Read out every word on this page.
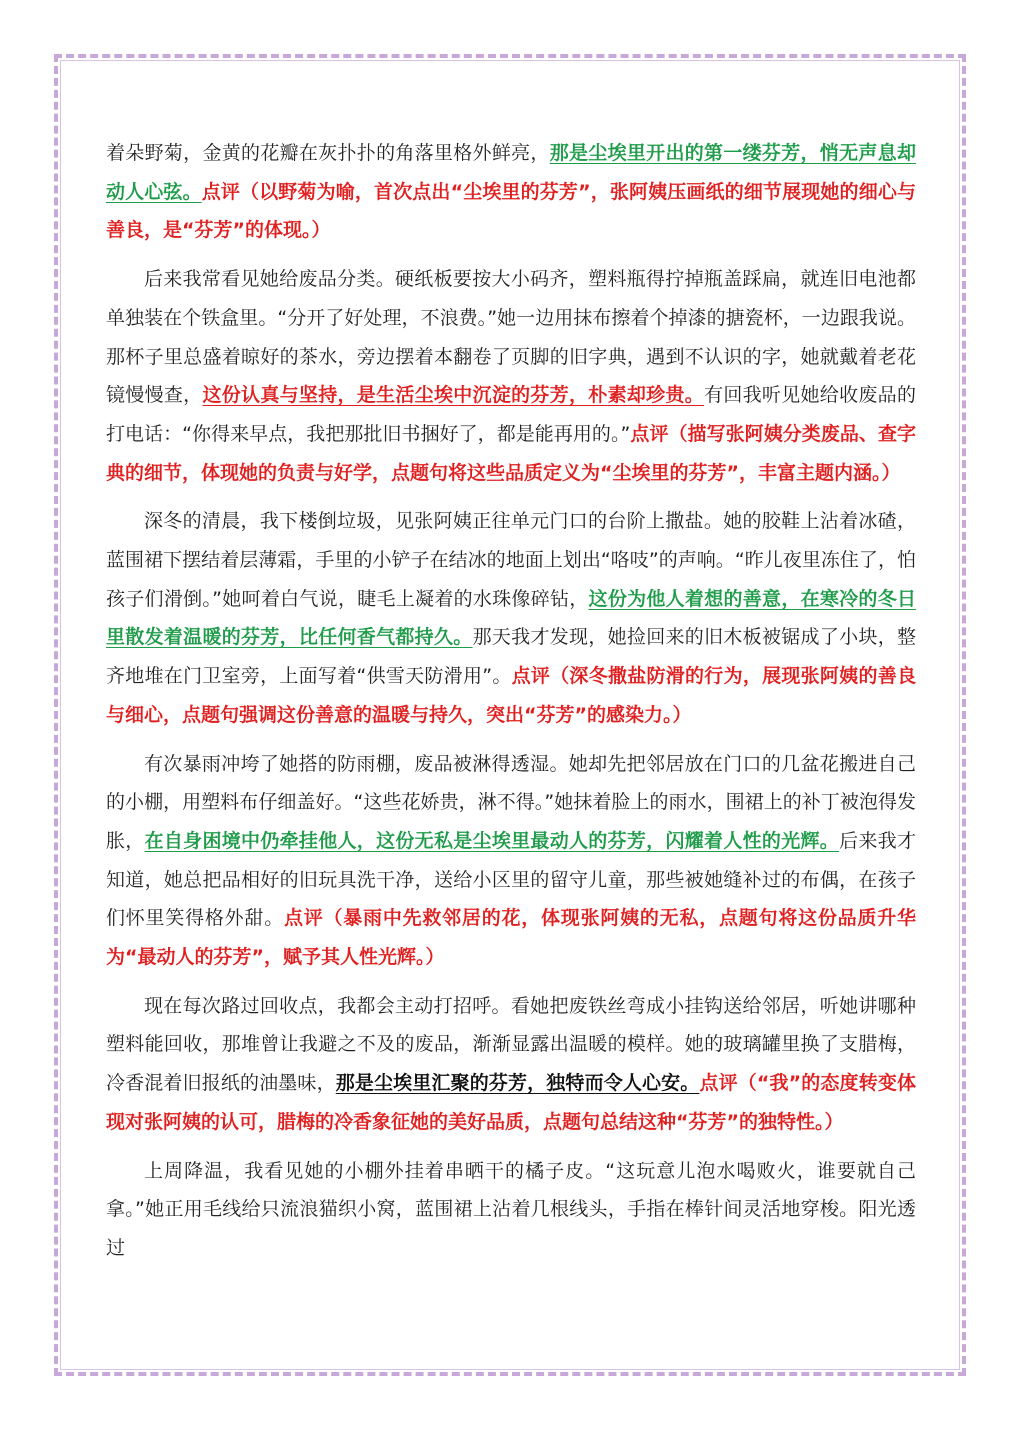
着朵野菊，金黄的花瓣在灰扑扑的角落里格外鲜亮，那是尘埃里开出的第一缕芬芳，悄无声息却动人心弦。点评（以野菊为喻，首次点出“尘埃里的芬芳”，张阿姨压画纸的细节展现她的细心与善良，是“芬芳”的体现。）

后来我常看见她给废品分类。硬纸板要按大小码齐，塑料瓶得拧掉瓶盖踩扁，就连旧电池都单独装在个铁盒里。“分开了好处理，不浪费。”她一边用抹布擦着个掉漆的搪瓷杯，一边跟我说。那杯子里总盛着晾好的茶水，旁边摆着本翻卷了页脚的旧字典，遇到不认识的字，她就戴着老花镜慢慢查，这份认真与坚持，是生活尘埃中沉淀的芬芳，朴素却珍贵。有回我听见她给收废品的打电话：“你得来早点，我把那批旧书捆好了，都是能再用的。”点评（描写张阿姨分类废品、查字典的细节，体现她的负责与好学，点题句将这些品质定义为“尘埃里的芬芳”，丰富主题内涵。）

深冬的清晨，我下楼倒垃圾，见张阿姨正往单元门口的台阶上撒盐。她的胶鞋上沾着冰碴，蓝围裙下摆结着层薄霜，手里的小铲子在结冰的地面上划出“咯吱”的声响。“昨儿夜里冻住了，怕孩子们滑倒。”她呵着白气说，睫毛上凝着的水珠像碎钻，这份为他人着想的善意，在寒冷的冬日里散发着温暖的芬芳，比任何香气都持久。那天我才发现，她捡回来的旧木板被锯成了小块，整齐地堆在门卫室旁，上面写着“供雪天防滑用”。点评（深冬撒盐防滑的行为，展现张阿姨的善良与细心，点题句强调这份善意的温暖与持久，突出“芬芳”的感染力。）

有次暴雨冲垮了她搭的防雨棚，废品被淋得透湿。她却先把邻居放在门口的几盆花搬进自己的小棚，用塑料布仔细盖好。“这些花娇贵，淋不得。”她抹着脸上的雨水，围裙上的补丁被泡得发胀，在自身困境中仍牵挂他人，这份无私是尘埃里最动人的芬芳，闪耀着人性的光辉。后来我才知道，她总把品相好的旧玩具洗干净，送给小区里的留守儿童，那些被她缝补过的布偶，在孩子们怀里笑得格外甜。点评（暴雨中先救邻居的花，体现张阿姨的无私，点题句将这份品质升华为“最动人的芬芳”，赋予其人性光辉。）

现在每次路过回收点，我都会主动打招呼。看她把废铁丝弯成小挂钩送给邻居，听她讲哪种塑料能回收，那堆曾让我避之不及的废品，渐渐显露出温暖的模样。她的玻璃罐里换了支腊梅，冷香混着旧报纸的油墨味，那是尘埃里汇聚的芬芳，独特而令人心安。点评（“我”的态度转变体现对张阿姨的认可，腊梅的冷香象征她的美好品质，点题句总结这种“芬芳”的独特性。）

上周降温，我看见她的小棚外挂着串晒干的橘子皮。“这玩意儿泡水喝败火，谁要就自己拿。”她正用毛线给只流浪猫织小窝，蓝围裙上沾着几根线头，手指在棒针间灵活地穿梭。阳光透过
